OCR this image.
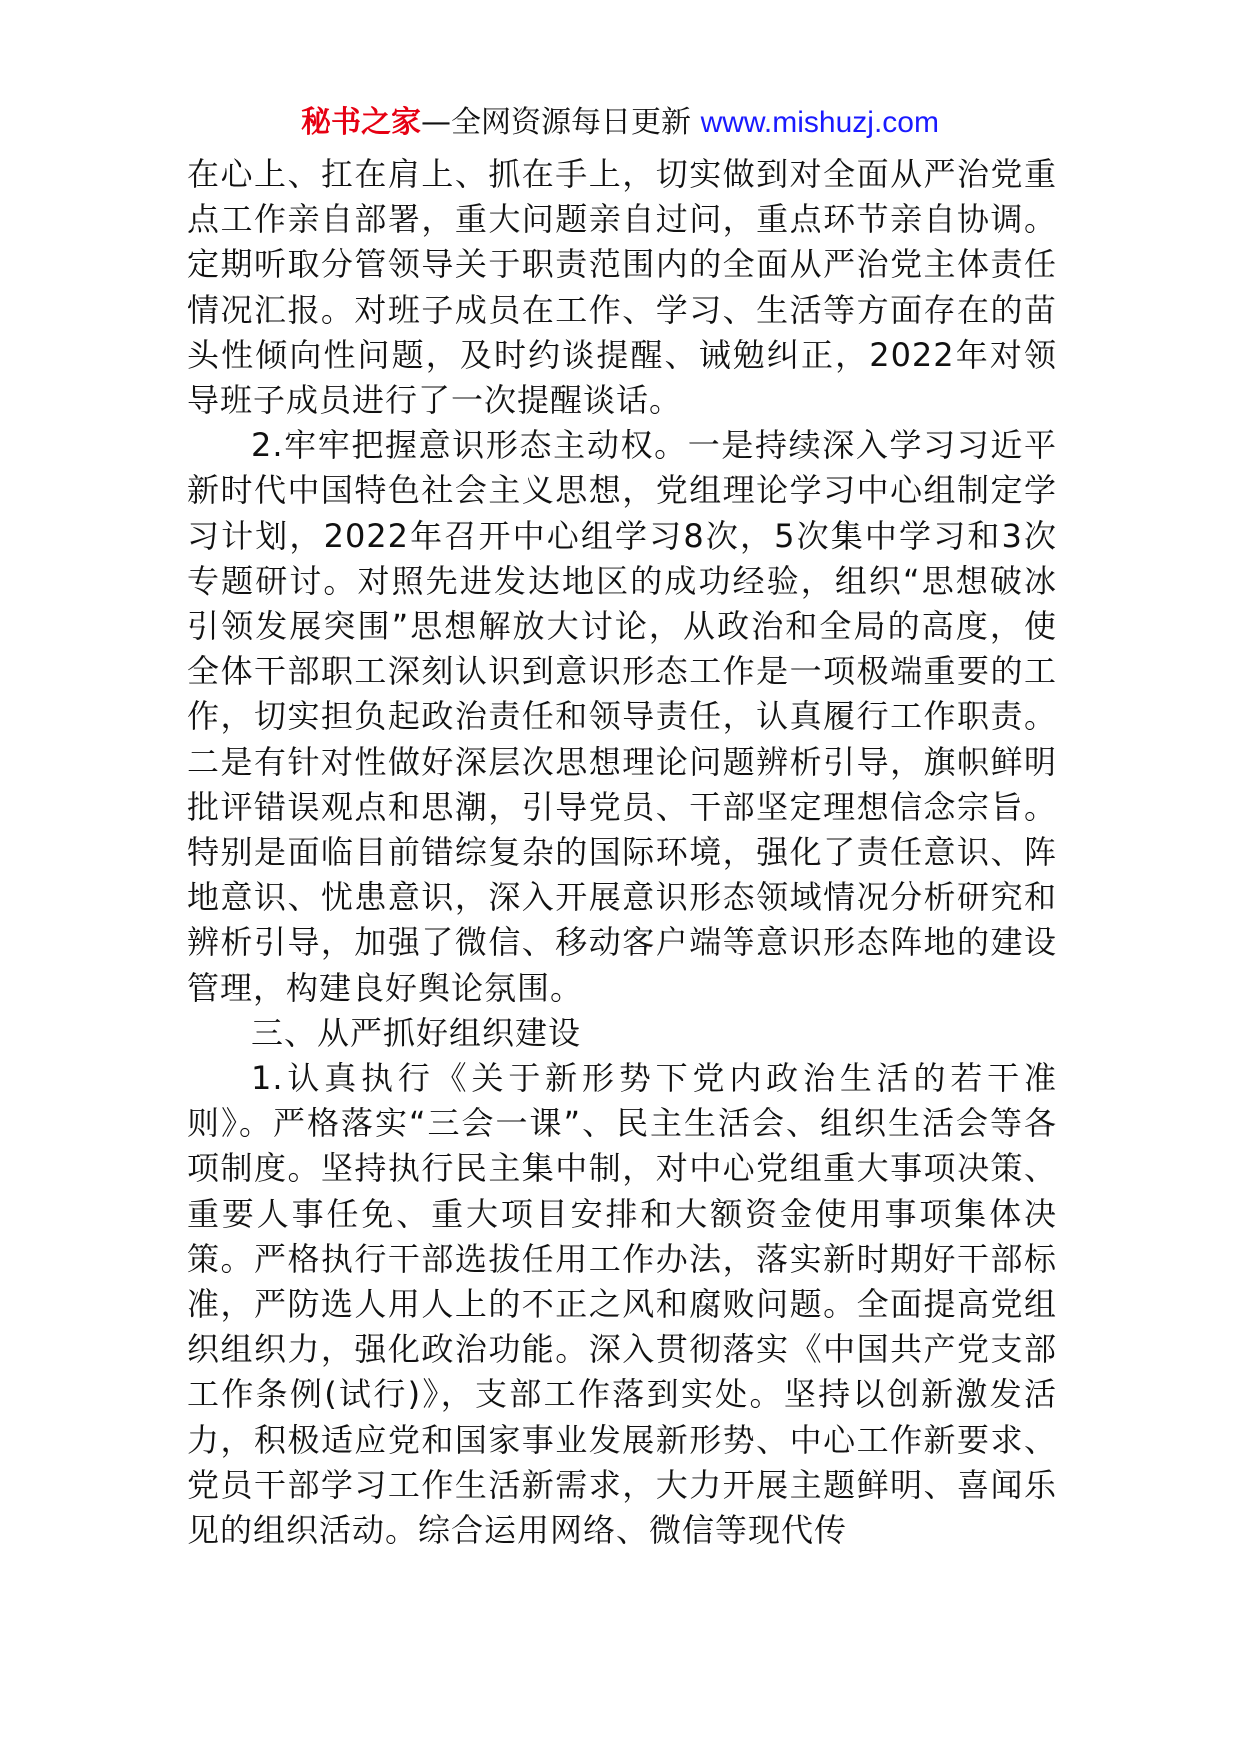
秘书之家—全网资源每日更新 www.mishuzj.com

在心上、扛在肩上、抓在手上，切实做到对全面从严治党重点工作亲自部署，重大问题亲自过问，重点环节亲自协调。定期听取分管领导关于职责范围内的全面从严治党主体责任情况汇报。对班子成员在工作、学习、生活等方面存在的苗头性倾向性问题，及时约谈提醒、诫勉纠正，2022年对领导班子成员进行了一次提醒谈话。

2.牢牢把握意识形态主动权。一是持续深入学习习近平新时代中国特色社会主义思想，党组理论学习中心组制定学习计划，2022年召开中心组学习8次，5次集中学习和3次专题研讨。对照先进发达地区的成功经验，组织“思想破冰引领发展突围”思想解放大讨论，从政治和全局的高度，使全体干部职工深刻认识到意识形态工作是一项极端重要的工作，切实担负起政治责任和领导责任，认真履行工作职责。二是有针对性做好深层次思想理论问题辨析引导，旗帜鲜明批评错误观点和思潮，引导党员、干部坚定理想信念宗旨。特别是面临目前错综复杂的国际环境，强化了责任意识、阵地意识、忧患意识，深入开展意识形态领域情况分析研究和辨析引导，加强了微信、移动客户端等意识形态阵地的建设管理，构建良好舆论氛围。

三、从严抓好组织建设

1.认真执行《关于新形势下党内政治生活的若干准则》。严格落实“三会一课”、民主生活会、组织生活会等各项制度。坚持执行民主集中制，对中心党组重大事项决策、重要人事任免、重大项目安排和大额资金使用事项集体决策。严格执行干部选拔任用工作办法，落实新时期好干部标准，严防选人用人上的不正之风和腐败问题。全面提高党组织组织力，强化政治功能。深入贯彻落实《中国共产党支部工作条例(试行)》，支部工作落到实处。坚持以创新激发活力，积极适应党和国家事业发展新形势、中心工作新要求、党员干部学习工作生活新需求，大力开展主题鲜明、喜闻乐见的组织活动。综合运用网络、微信等现代传
